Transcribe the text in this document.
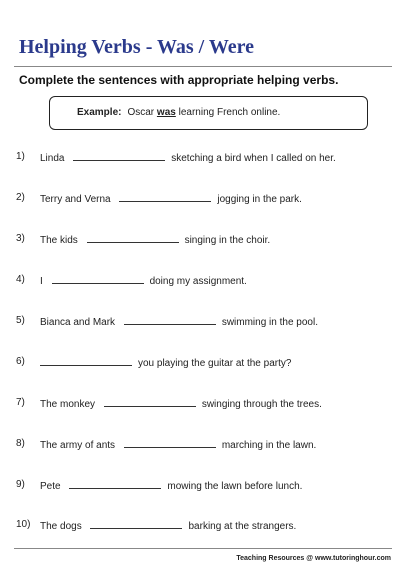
Helping Verbs - Was / Were
Complete the sentences with appropriate helping verbs.
Example: Oscar was learning French online.
1)	Linda	sketching a bird when I called on her.
2)	Terry and Verna	jogging in the park.
3)	The kids	singing in the choir.
4)	I	doing my assignment.
5)	Bianca and Mark	swimming in the pool.
6)	you playing the guitar at the party?
7)	The monkey	swinging through the trees.
8)	The army of ants	marching in the lawn.
9)	Pete	mowing the lawn before lunch.
10) The dogs	barking at the strangers.
Teaching Resources @ www.tutoringhour.com
